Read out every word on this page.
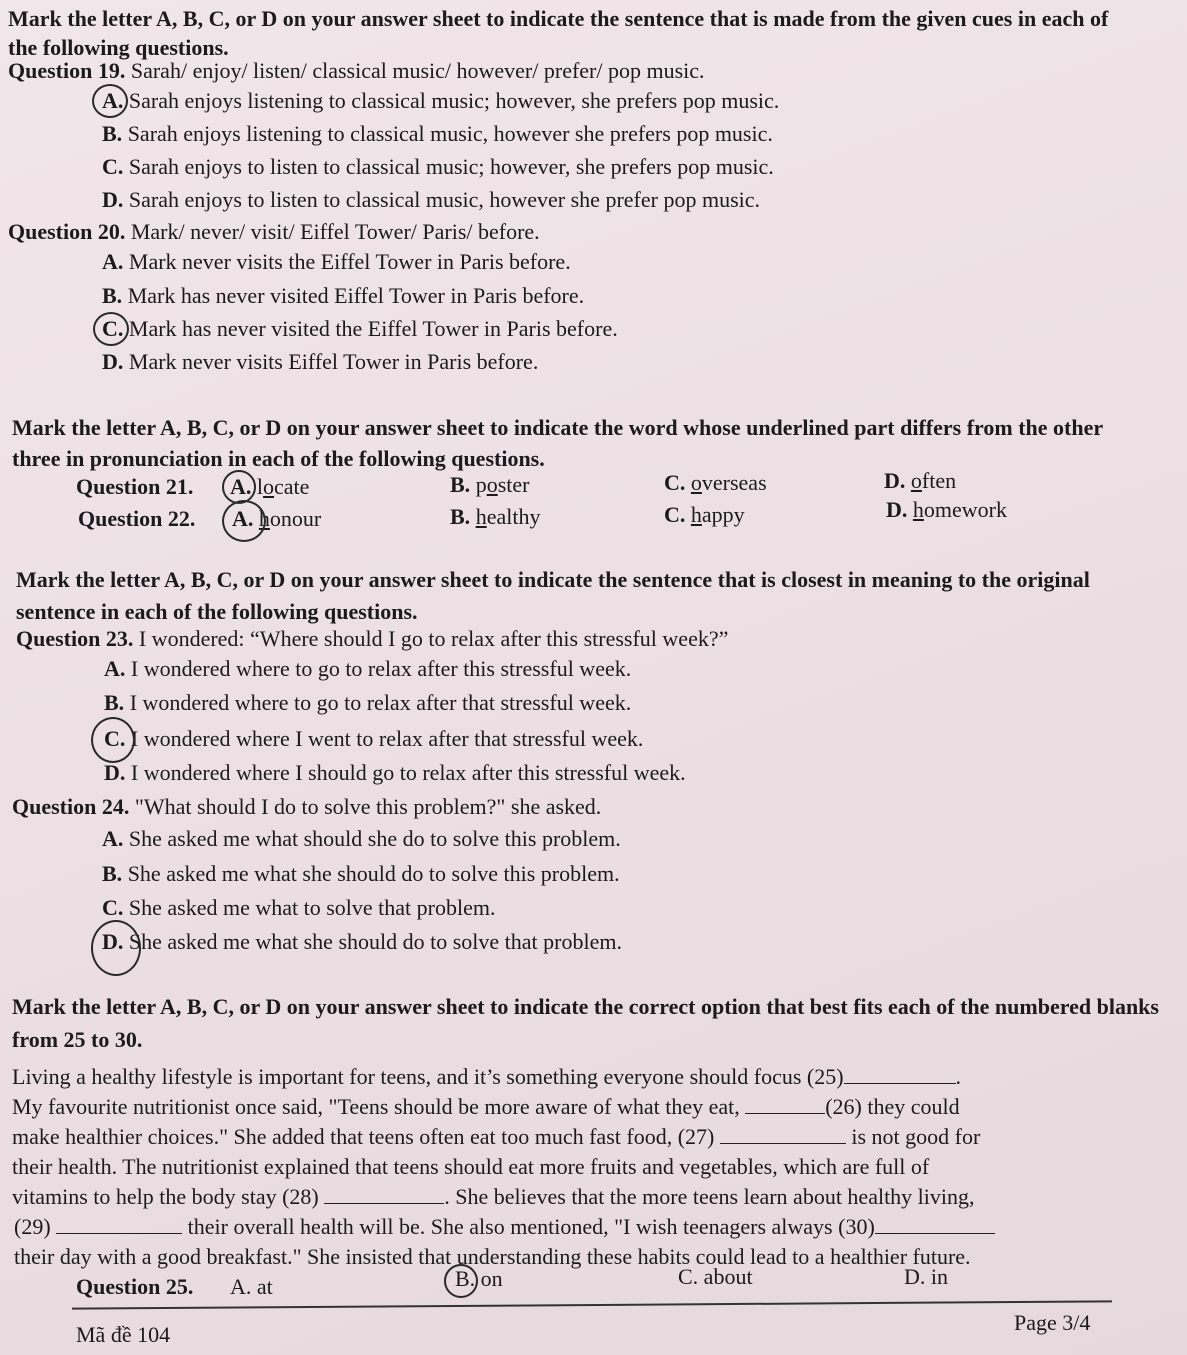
Mark the letter A, B, C, or D on your answer sheet to indicate the sentence that is made from the given cues in each of the following questions.
Question 19. Sarah/ enjoy/ listen/ classical music/ however/ prefer/ pop music.
A. Sarah enjoys listening to classical music; however, she prefers pop music.
B. Sarah enjoys listening to classical music, however she prefers pop music.
C. Sarah enjoys to listen to classical music; however, she prefers pop music.
D. Sarah enjoys to listen to classical music, however she prefer pop music.
Question 20. Mark/ never/ visit/ Eiffel Tower/ Paris/ before.
A. Mark never visits the Eiffel Tower in Paris before.
B. Mark has never visited Eiffel Tower in Paris before.
C. Mark has never visited the Eiffel Tower in Paris before.
D. Mark never visits Eiffel Tower in Paris before.
Mark the letter A, B, C, or D on your answer sheet to indicate the word whose underlined part differs from the other three in pronunciation in each of the following questions.
Question 21. A. locate	B. poster	C. overseas	D. often
Question 22. A. honour	B. healthy	C. happy	D. homework
Mark the letter A, B, C, or D on your answer sheet to indicate the sentence that is closest in meaning to the original sentence in each of the following questions.
Question 23. I wondered: “Where should I go to relax after this stressful week?”
A. I wondered where to go to relax after this stressful week.
B. I wondered where to go to relax after that stressful week.
C. I wondered where I went to relax after that stressful week.
D. I wondered where I should go to relax after this stressful week.
Question 24. "What should I do to solve this problem?" she asked.
A. She asked me what should she do to solve this problem.
B. She asked me what she should do to solve this problem.
C. She asked me what to solve that problem.
D. She asked me what she should do to solve that problem.
Mark the letter A, B, C, or D on your answer sheet to indicate the correct option that best fits each of the numbered blanks from 25 to 30.
Living a healthy lifestyle is important for teens, and it’s something everyone should focus (25)	.
My favourite nutritionist once said, "Teens should be more aware of what they eat,	(26) they could
make healthier choices." She added that teens often eat too much fast food, (27)	is not good for
their health. The nutritionist explained that teens should eat more fruits and vegetables, which are full of
vitamins to help the body stay (28)	. She believes that the more teens learn about healthy living,
(29)	their overall health will be. She also mentioned, "I wish teenagers always (30)
their day with a good breakfast." She insisted that understanding these habits could lead to a healthier future.
Question 25. A. at	B. on	C. about	D. in
Mã đề 104	Page 3/4
